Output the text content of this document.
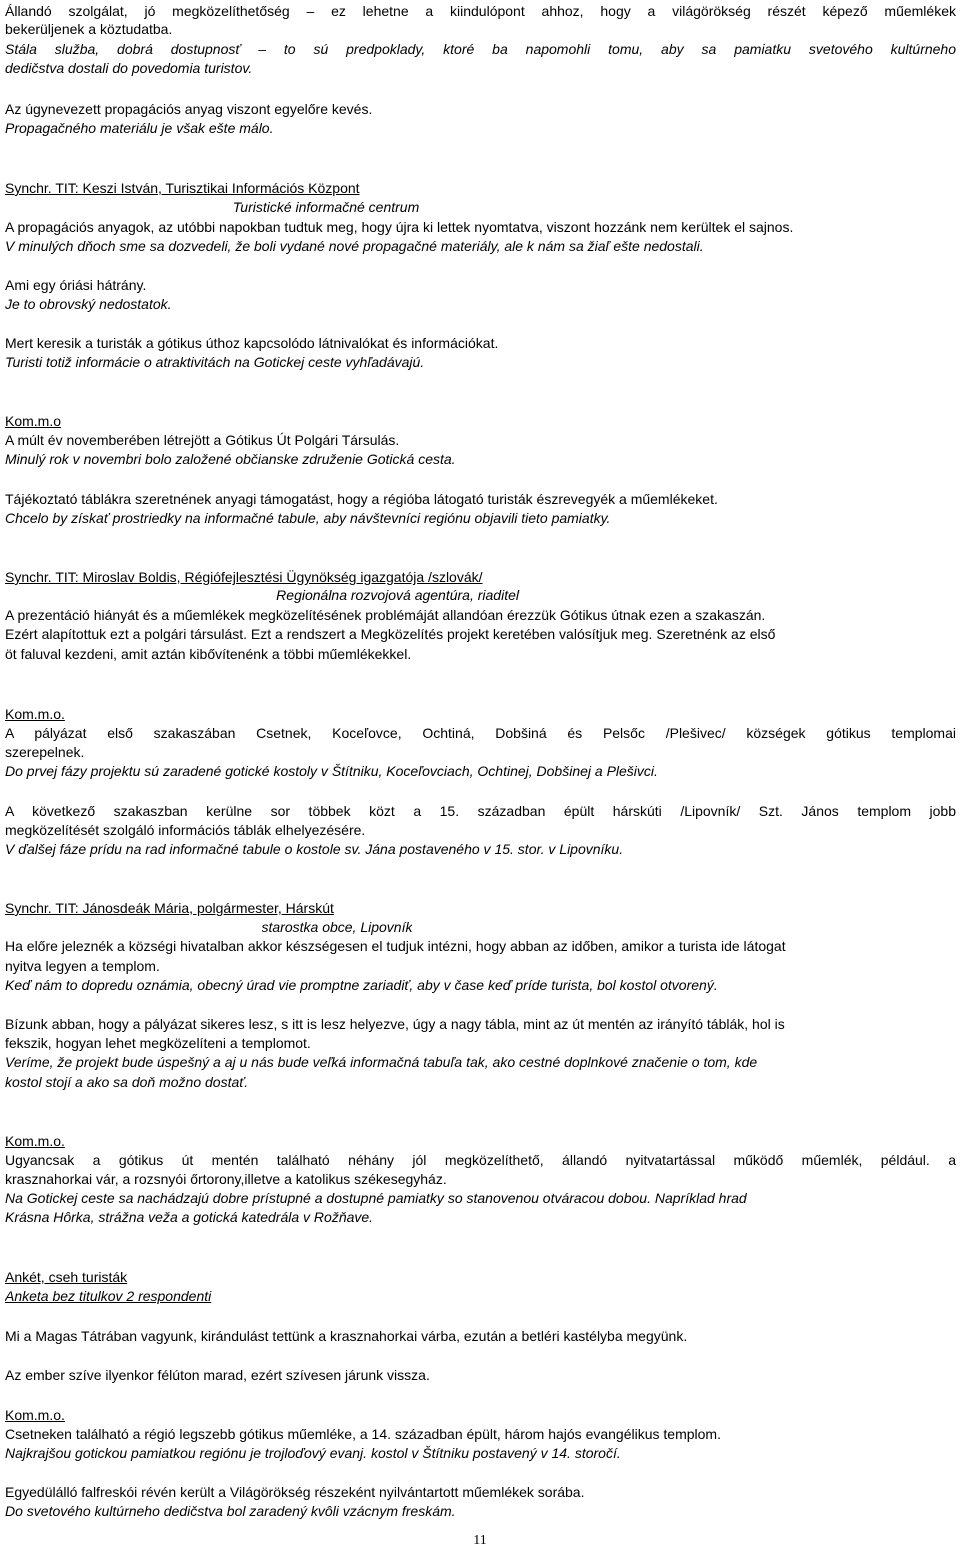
Állandó szolgálat, jó megközelíthetőség – ez lehetne a kiindulópont ahhoz, hogy a világörökség részét képező műemlékek
bekerüljenek a köztudatba.
Stála služba, dobrá dostupnosť – to sú predpoklady, ktoré ba napomohli tomu, aby sa pamiatku svetového kultúrneho
dedičstva dostali do povedomia turistov.
Az úgynevezett propagációs anyag viszont egyelőre kevés.
Propagačného materiálu je však ešte málo.
Synchr. TIT: Keszi István, Turisztikai Információs Központ
Turistické informačné centrum
A propagációs anyagok, az utóbbi napokban tudtuk meg, hogy újra ki lettek nyomtatva, viszont hozzánk nem kerültek el sajnos.
V minulých dňoch sme sa dozvedeli, že boli vydané nové propagačné materiály, ale k nám sa žiaľ ešte nedostali.
Ami egy óriási hátrány.
Je to obrovský nedostatok.
Mert keresik a turisták a gótikus úthoz kapcsolódo látnivalókat és információkat.
Turisti totiž informácie o atraktivitách na Gotickej ceste vyhľadávajú.
Kom.m.o
A múlt év novemberében létrejött a Gótikus Út Polgári Társulás.
Minulý rok v novembri bolo založené občianske združenie Gotická cesta.
Tájékoztató táblákra szeretnének anyagi támogatást, hogy a régióba látogató turisták észrevegyék a műemlékeket.
Chcelo by získať prostriedky na informačné tabule, aby návštevníci regiónu objavili tieto pamiatky.
Synchr. TIT: Miroslav Boldis, Régiófejlesztési Ügynökség igazgatója /szlovák/
Regionálna rozvojová agentúra, riaditeľ
A prezentáció hiányát és a műemlékek megközelítésének problémáját allandóan érezzük Gótikus útnak ezen a szakaszán.
Ezért alapítottuk ezt a polgári társulást. Ezt a rendszert a Megközelítés projekt keretében valósítjuk meg. Szeretnénk az első
öt faluval kezdeni, amit aztán kibővítenénk a többi műemlékekkel.
Kom.m.o.
A pályázat első szakaszában Csetnek, Koceľovce, Ochtiná, Dobšiná és Pelsőc /Plešivec/ községek gótikus templomai
szerepelnek.
Do prvej fázy projektu sú zaradené gotické kostoly v Štítniku, Koceľovciach, Ochtinej, Dobšinej a Plešivci.
A következő szakaszban kerülne sor többek közt a 15. században épült hárskúti /Lipovník/ Szt. János templom jobb
megközelítését szolgáló információs táblák elhelyezésére.
V ďalšej fáze prídu na rad informačné tabule o kostole sv. Jána postaveného v 15. stor. v Lipovníku.
Synchr. TIT: Jánosdeák Mária, polgármester, Hárskút
starostka obce, Lipovník
Ha előre jeleznék a községi hivatalban akkor készségesen el tudjuk intézni, hogy abban az időben, amikor a turista ide látogat
nyitva legyen a templom.
Keď nám to dopredu oznámia, obecný úrad vie promptne zariadiť, aby v čase keď príde turista, bol kostol otvorený.
Bízunk abban, hogy a pályázat sikeres lesz, s itt is lesz helyezve, úgy a nagy tábla, mint az út mentén az irányító táblák, hol is
fekszik, hogyan lehet megközelíteni a templomot.
Veríme, že projekt bude úspešný a aj u nás bude veľká informačná tabuľa tak, ako cestné doplnkové značenie o tom, kde
kostol stojí a ako sa doň možno dostať.
Kom.m.o.
Ugyancsak a gótikus út mentén található néhány jól megközelíthető, állandó nyitvatartással működő műemlék, például. a
krasznahorkai vár, a rozsnyói őrtorony,illetve a katolikus székesegyház.
Na Gotickej ceste sa nachádzajú dobre prístupné a dostupné pamiatky so stanovenou otváracou dobou. Napríklad hrad
Krásna Hôrka, strážna veža a gotická katedrála v Rožňave.
Ankét, cseh turisták
Anketa bez titulkov 2 respondenti
Mi a Magas Tátrában vagyunk, kirándulást tettünk a krasznahorkai várba, ezután a betléri kastélyba megyünk.
Az ember szíve ilyenkor félúton marad, ezért szívesen járunk vissza.
Kom.m.o.
Csetneken található a régió legszebb gótikus műemléke, a 14. században épült, három hajós evangélikus templom.
Najkrajšou gotickou pamiatkou regiónu je trojloďový evanj. kostol v Štítniku postavený v 14. storočí.
Egyedülálló falfreskói révén került a Világörökség részeként nyilvántartott műemlékek sorába.
Do svetového kultúrneho dedičstva bol zaradený kvôli vzácnym freskám.
11
